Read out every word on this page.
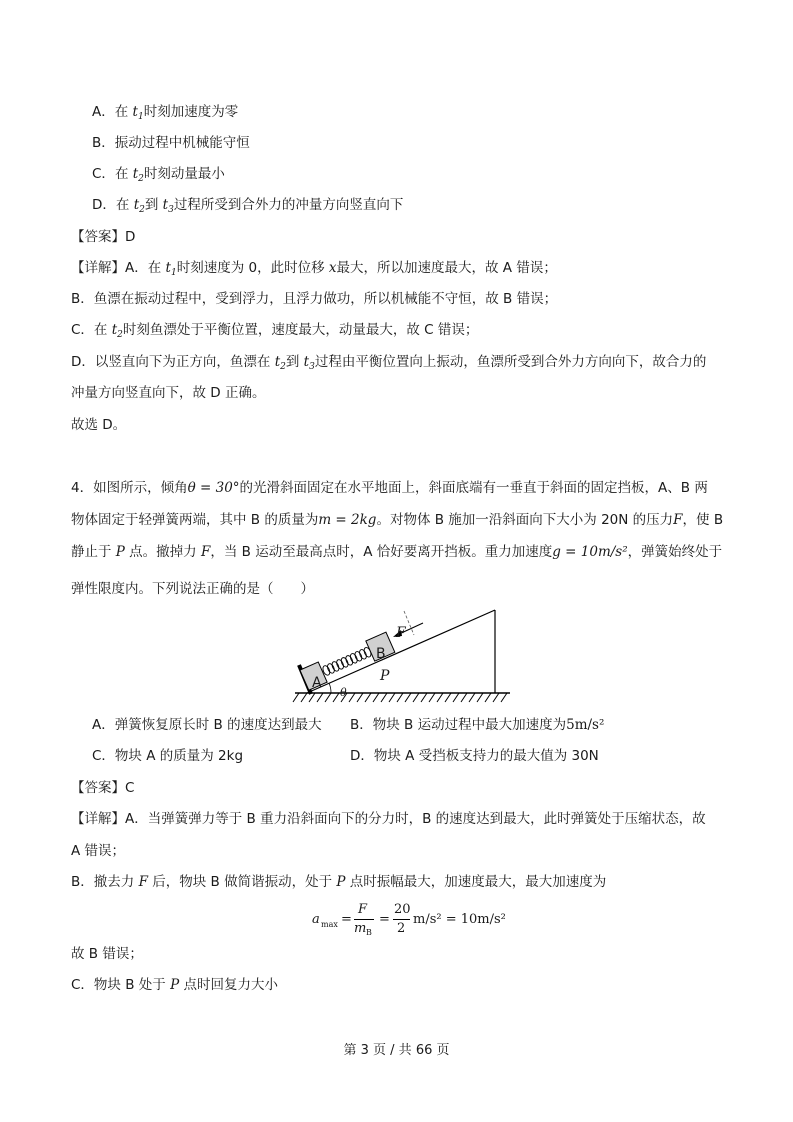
A．在 $t_1$时刻加速度为零
B．振动过程中机械能守恒
C．在 $t_2$时刻动量最小
D．在 $t_2$到 $t_3$过程所受到合外力的冲量方向竖直向下
【答案】D
【详解】A．在 $t_1$时刻速度为 0，此时位移 x最大，所以加速度最大，故 A 错误；
B．鱼漂在振动过程中，受到浮力，且浮力做功，所以机械能不守恒，故 B 错误；
C．在 $t_2$时刻鱼漂处于平衡位置，速度最大，动量最大，故 C 错误；
D．以竖直向下为正方向，鱼漂在 $t_2$到 $t_3$过程由平衡位置向上振动，鱼漂所受到合外力方向向下，故合力的
冲量方向竖直向下，故 D 正确。
故选 D。
4．如图所示，倾角θ = 30°的光滑斜面固定在水平地面上，斜面底端有一垂直于斜面的固定挡板，A、B 两
物体固定于轻弹簧两端，其中 B 的质量为m = 2kg。对物体 B 施加一沿斜面向下大小为 20N 的压力F，使 B
静止于 P 点。撤掉力 F，当 B 运动至最高点时，A 恰好要离开挡板。重力加速度g = 10m/s²，弹簧始终处于
弹性限度内。下列说法正确的是（　　）
F
B
A	P
θ
A．弹簧恢复原长时 B 的速度达到最大 B．物块 B 运动过程中最大加速度为5m/s²
C．物块 A 的质量为 2kg	D．物块 A 受挡板支持力的最大值为 30N
【答案】C
【详解】A．当弹簧弹力等于 B 重力沿斜面向下的分力时，B 的速度达到最大，此时弹簧处于压缩状态，故
A 错误；
B．撤去力 F 后，物块 B 做简谐振动，处于 P 点时振幅最大，加速度最大，最大加速度为
a max =
F
m B
=
20
2
m/s² = 10m/s²
故 B 错误；
C．物块 B 处于 P 点时回复力大小
第 3 页 / 共 66 页
